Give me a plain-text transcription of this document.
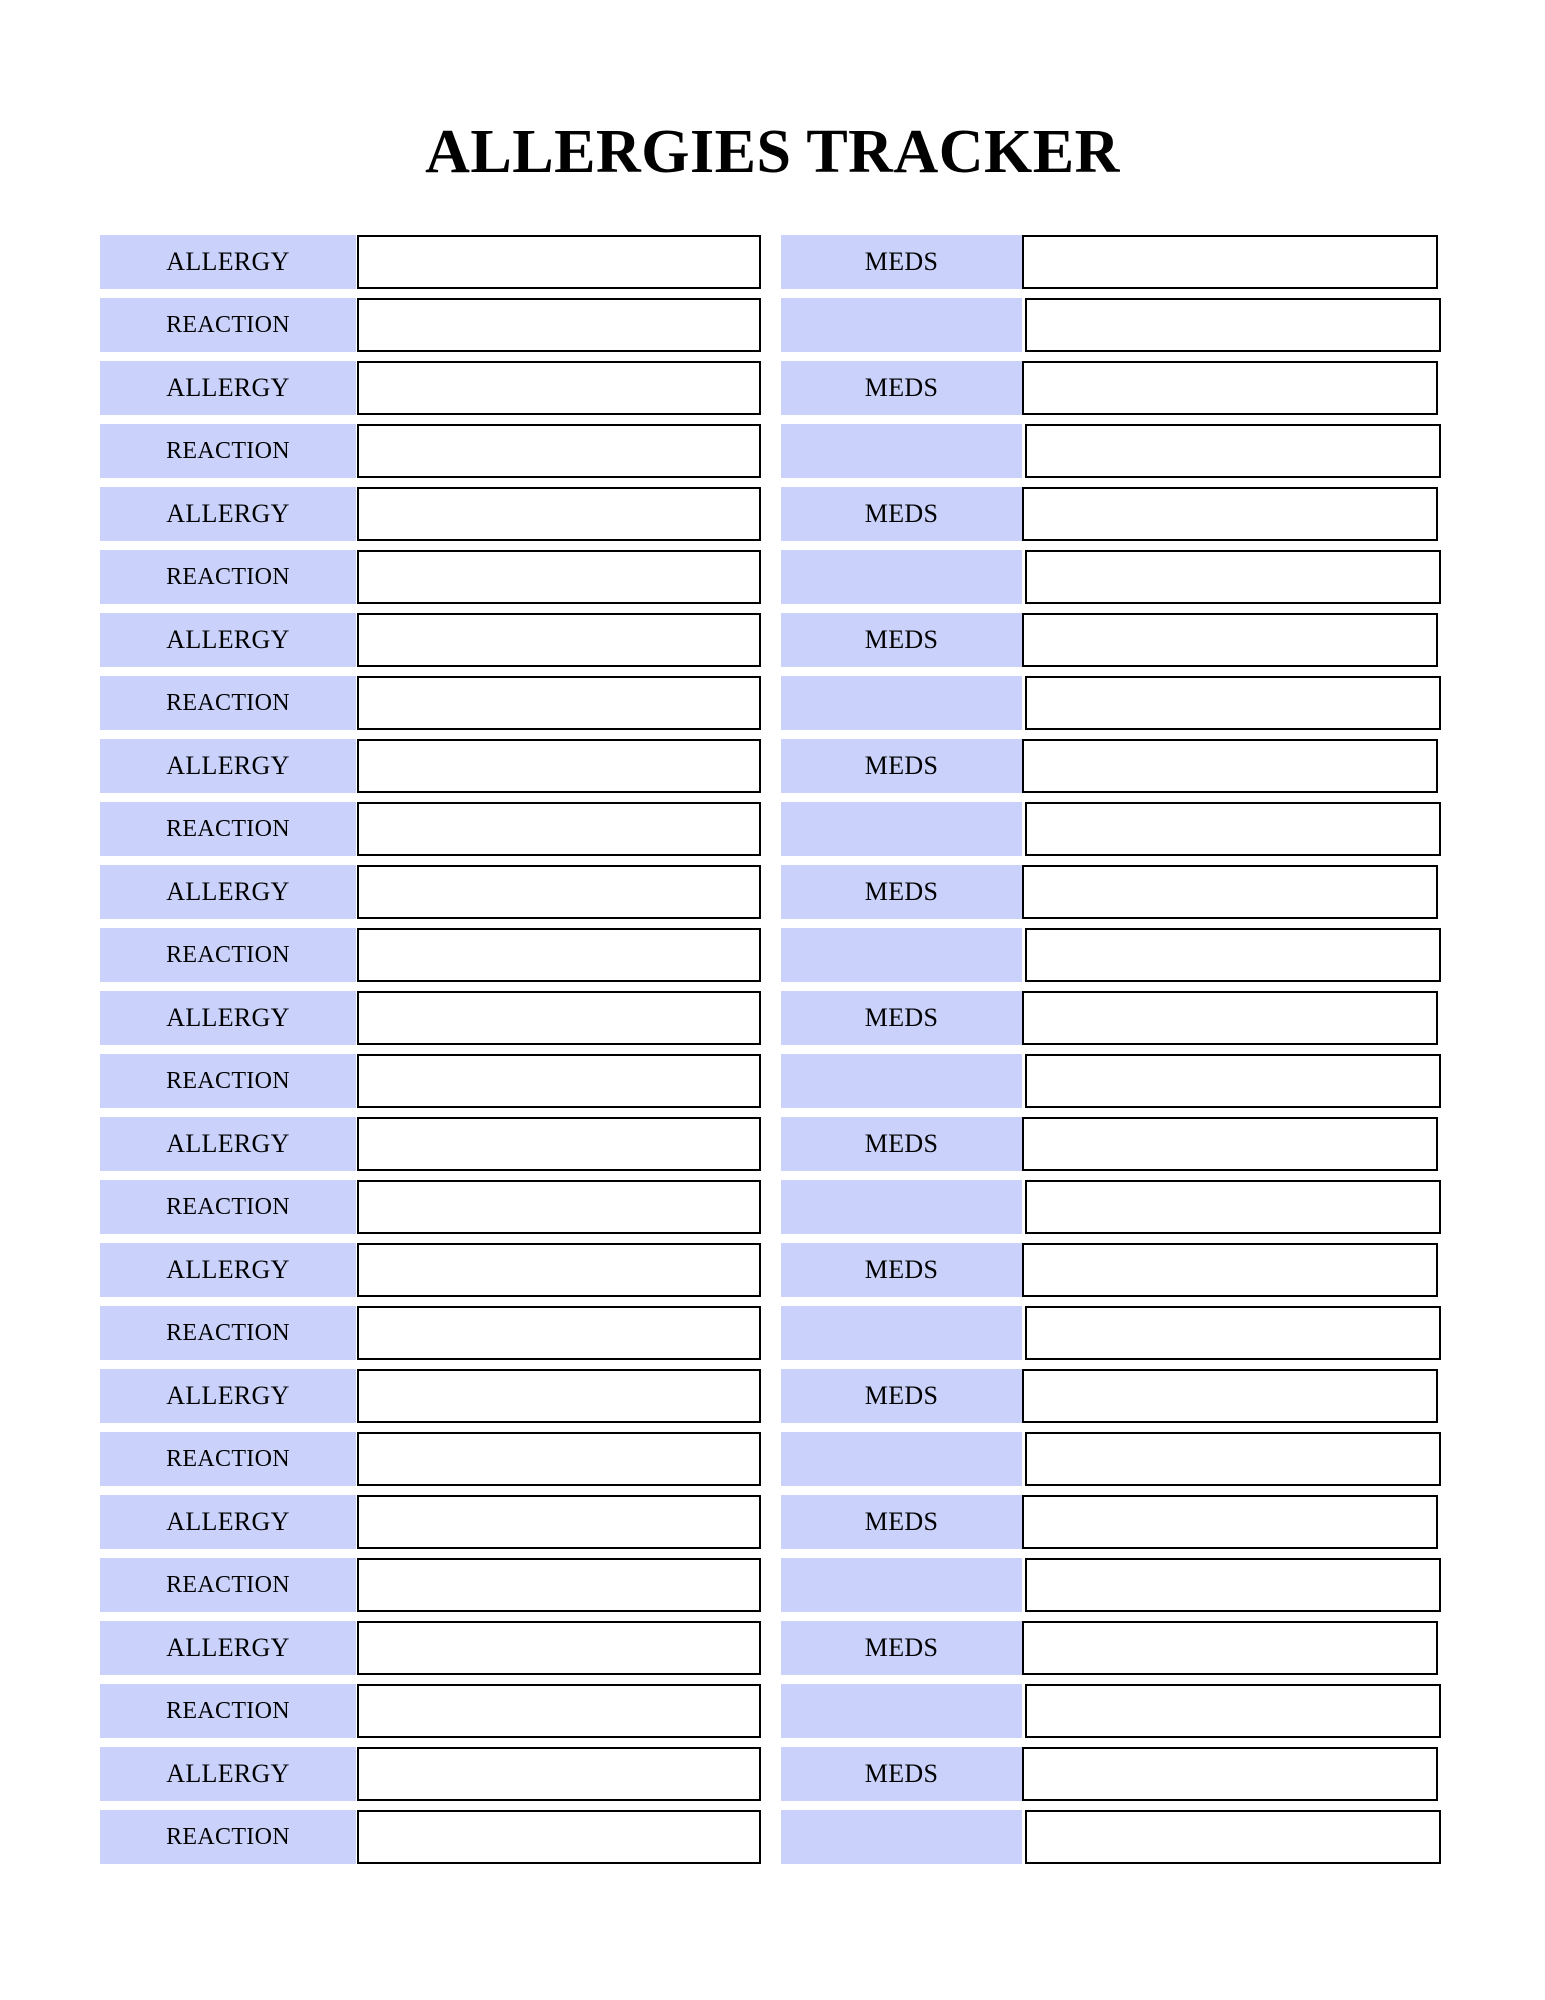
ALLERGIES TRACKER
ALLERGY	MEDS
REACTION
ALLERGY	MEDS
REACTION
ALLERGY	MEDS
REACTION
ALLERGY	MEDS
REACTION
ALLERGY	MEDS
REACTION
ALLERGY	MEDS
REACTION
ALLERGY	MEDS
REACTION
ALLERGY	MEDS
REACTION
ALLERGY	MEDS
REACTION
ALLERGY	MEDS
REACTION
ALLERGY	MEDS
REACTION
ALLERGY	MEDS
REACTION
ALLERGY	MEDS
REACTION
